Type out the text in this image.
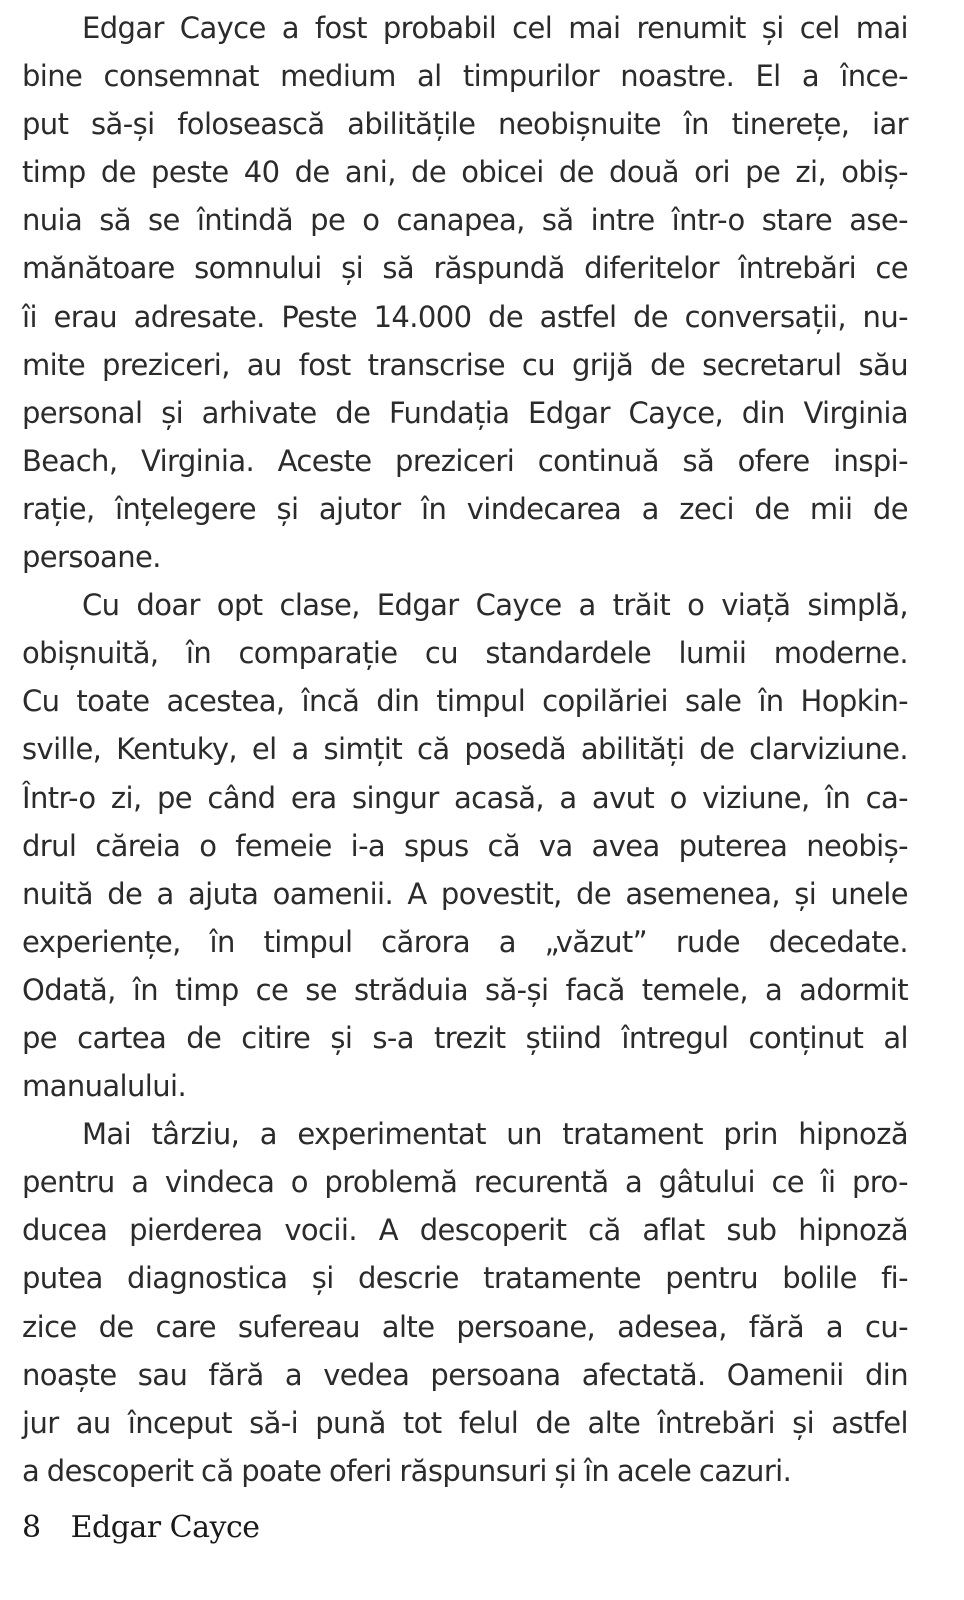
Edgar Cayce a fost probabil cel mai renumit și cel mai
bine consemnat medium al timpurilor noastre. El a înce-
put să-și folosească abilitățile neobișnuite în tinerețe, iar
timp de peste 40 de ani, de obicei de două ori pe zi, obiș-
nuia să se întindă pe o canapea, să intre într-o stare ase-
mănătoare somnului și să răspundă diferitelor întrebări ce
îi erau adresate. Peste 14.000 de astfel de conversații, nu-
mite preziceri, au fost transcrise cu grijă de secretarul său
personal și arhivate de Fundația Edgar Cayce, din Virginia
Beach, Virginia. Aceste preziceri continuă să ofere inspi-
rație, înțelegere și ajutor în vindecarea a zeci de mii de
persoane.
Cu doar opt clase, Edgar Cayce a trăit o viață simplă,
obișnuită, în comparație cu standardele lumii moderne.
Cu toate acestea, încă din timpul copilăriei sale în Hopkin-
sville, Kentuky, el a simțit că posedă abilități de clarviziune.
Într-o zi, pe când era singur acasă, a avut o viziune, în ca-
drul căreia o femeie i-a spus că va avea puterea neobiș-
nuită de a ajuta oamenii. A povestit, de asemenea, și unele
experiențe, în timpul cărora a „văzut” rude decedate.
Odată, în timp ce se străduia să-și facă temele, a adormit
pe cartea de citire și s-a trezit știind întregul conținut al
manualului.
Mai târziu, a experimentat un tratament prin hipnoză
pentru a vindeca o problemă recurentă a gâtului ce îi pro-
ducea pierderea vocii. A descoperit că aflat sub hipnoză
putea diagnostica și descrie tratamente pentru bolile fi-
zice de care sufereau alte persoane, adesea, fără a cu-
noaște sau fără a vedea persoana afectată. Oamenii din
jur au început să-i pună tot felul de alte întrebări și astfel
a descoperit că poate oferi răspunsuri și în acele cazuri.
8 Edgar Cayce
